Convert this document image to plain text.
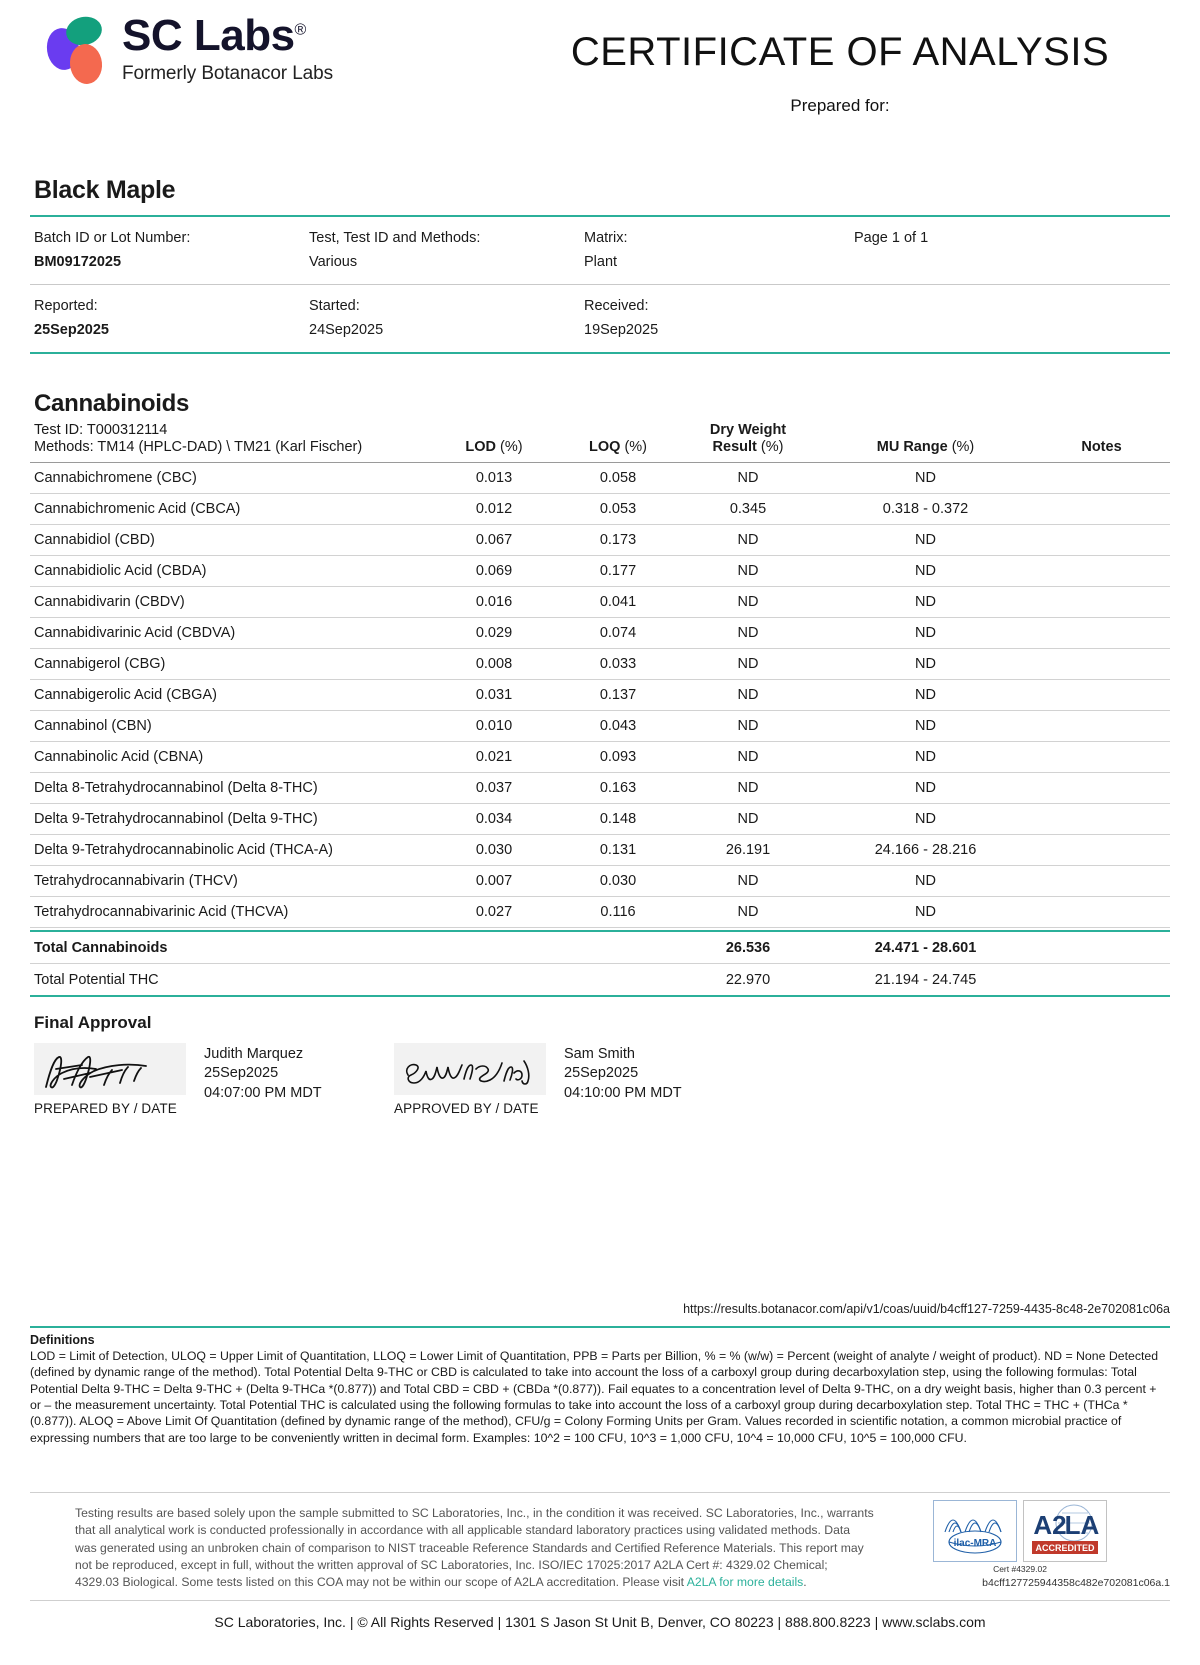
SC Labs®
Formerly Botanacor Labs	CERTIFICATE OF ANALYSIS
Prepared for:
Black Maple
Batch ID or Lot Number:
BM09172025
Test, Test ID and Methods:
Various
Matrix:
Plant
Page 1 of 1
Reported:
25Sep2025
Started:
24Sep2025
Received:
19Sep2025
Cannabinoids
Test ID: T000312114			Dry Weight		
Methods: TM14 (HPLC-DAD) \ TM21 (Karl Fischer)	LOD (%)	LOQ (%)	Result (%)	MU Range (%)	Notes

Cannabichromene (CBC)	0.013	0.058	ND	ND	
Cannabichromenic Acid (CBCA)	0.012	0.053	0.345	0.318 - 0.372	
Cannabidiol (CBD)	0.067	0.173	ND	ND	
Cannabidiolic Acid (CBDA)	0.069	0.177	ND	ND	
Cannabidivarin (CBDV)	0.016	0.041	ND	ND	
Cannabidivarinic Acid (CBDVA)	0.029	0.074	ND	ND	
Cannabigerol (CBG)	0.008	0.033	ND	ND	
Cannabigerolic Acid (CBGA)	0.031	0.137	ND	ND	
Cannabinol (CBN)	0.010	0.043	ND	ND	
Cannabinolic Acid (CBNA)	0.021	0.093	ND	ND	
Delta 8-Tetrahydrocannabinol (Delta 8-THC)	0.037	0.163	ND	ND	
Delta 9-Tetrahydrocannabinol (Delta 9-THC)	0.034	0.148	ND	ND	
Delta 9-Tetrahydrocannabinolic Acid (THCA-A)	0.030	0.131	26.191	24.166 - 28.216	
Tetrahydrocannabivarin (THCV)	0.007	0.030	ND	ND	
Tetrahydrocannabivarinic Acid (THCVA)	0.027	0.116	ND	ND	

Total Cannabinoids			26.536	24.471 - 28.601	
Total Potential THC			22.970	21.194 - 24.745	
Final Approval
PREPARED BY / DATE
Judith Marquez
25Sep2025
04:07:00 PM MDT
APPROVED BY / DATE
Sam Smith
25Sep2025
04:10:00 PM MDT
https://results.botanacor.com/api/v1/coas/uuid/b4cff127-7259-4435-8c48-2e702081c06a
Definitions
LOD = Limit of Detection, ULOQ = Upper Limit of Quantitation, LLOQ = Lower Limit of Quantitation, PPB = Parts per Billion, % = % (w/w) = Percent (weight of analyte / weight of product). ND = None Detected (defined by dynamic range of the method). Total Potential Delta 9-THC or CBD is calculated to take into account the loss of a carboxyl group during decarboxylation step, using the following formulas: Total Potential Delta 9-THC = Delta 9-THC + (Delta 9-THCa *(0.877)) and Total CBD = CBD + (CBDa *(0.877)). Fail equates to a concentration level of Delta 9-THC, on a dry weight basis, higher than 0.3 percent + or – the measurement uncertainty. Total Potential THC is calculated using the following formulas to take into account the loss of a carboxyl group during decarboxylation step. Total THC = THC + (THCa *(0.877)). ALOQ = Above Limit Of Quantitation (defined by dynamic range of the method), CFU/g = Colony Forming Units per Gram. Values recorded in scientific notation, a common microbial practice of expressing numbers that are too large to be conveniently written in decimal form. Examples: 10^2 = 100 CFU, 10^3 = 1,000 CFU, 10^4 = 10,000 CFU, 10^5 = 100,000 CFU.
Testing results are based solely upon the sample submitted to SC Laboratories, Inc., in the condition it was received. SC Laboratories, Inc., warrants that all analytical work is conducted professionally in accordance with all applicable standard laboratory practices using validated methods. Data was generated using an unbroken chain of comparison to NIST traceable Reference Standards and Certified Reference Materials. This report may not be reproduced, except in full, without the written approval of SC Laboratories, Inc. ISO/IEC 17025:2017 A2LA Cert #: 4329.02 Chemical; 4329.03 Biological. Some tests listed on this COA may not be within our scope of A2LA accreditation. Please visit A2LA for more details.
ilac-MRA
A2
LA
ACCREDITED
Cert #4329.02
b4cff127725944358c482e702081c06a.1
SC Laboratories, Inc. | © All Rights Reserved | 1301 S Jason St Unit B, Denver, CO 80223 | 888.800.8223 | www.sclabs.com
